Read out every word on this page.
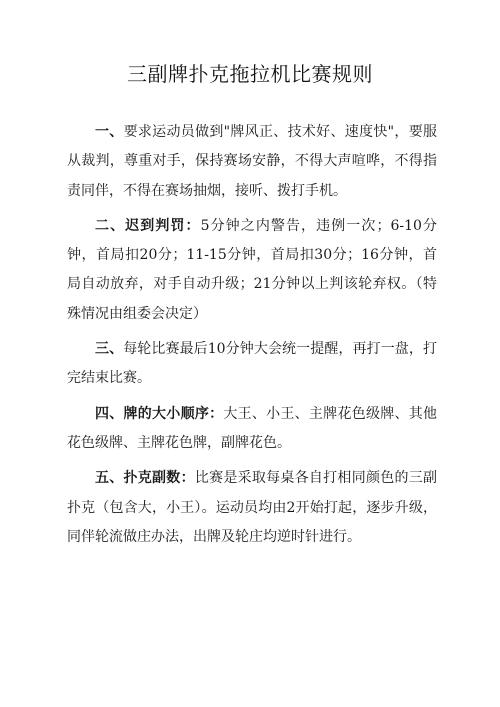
三副牌扑克拖拉机比赛规则

一、要求运动员做到"牌风正、技术好、速度快"，要服从裁判，尊重对手，保持赛场安静，不得大声喧哗，不得指责同伴，不得在赛场抽烟，接听、拨打手机。

二、迟到判罚：5分钟之内警告，违例一次；6-10分钟，首局扣20分；11-15分钟，首局扣30分；16分钟，首局自动放弃，对手自动升级；21分钟以上判该轮弃权。（特殊情况由组委会决定）

三、每轮比赛最后10分钟大会统一提醒，再打一盘，打完结束比赛。

四、牌的大小顺序：大王、小王、主牌花色级牌、其他花色级牌、主牌花色牌，副牌花色。

五、扑克副数：比赛是采取每桌各自打相同颜色的三副扑克（包含大，小王）。运动员均由2开始打起，逐步升级，同伴轮流做庄办法，出牌及轮庄均逆时针进行。
